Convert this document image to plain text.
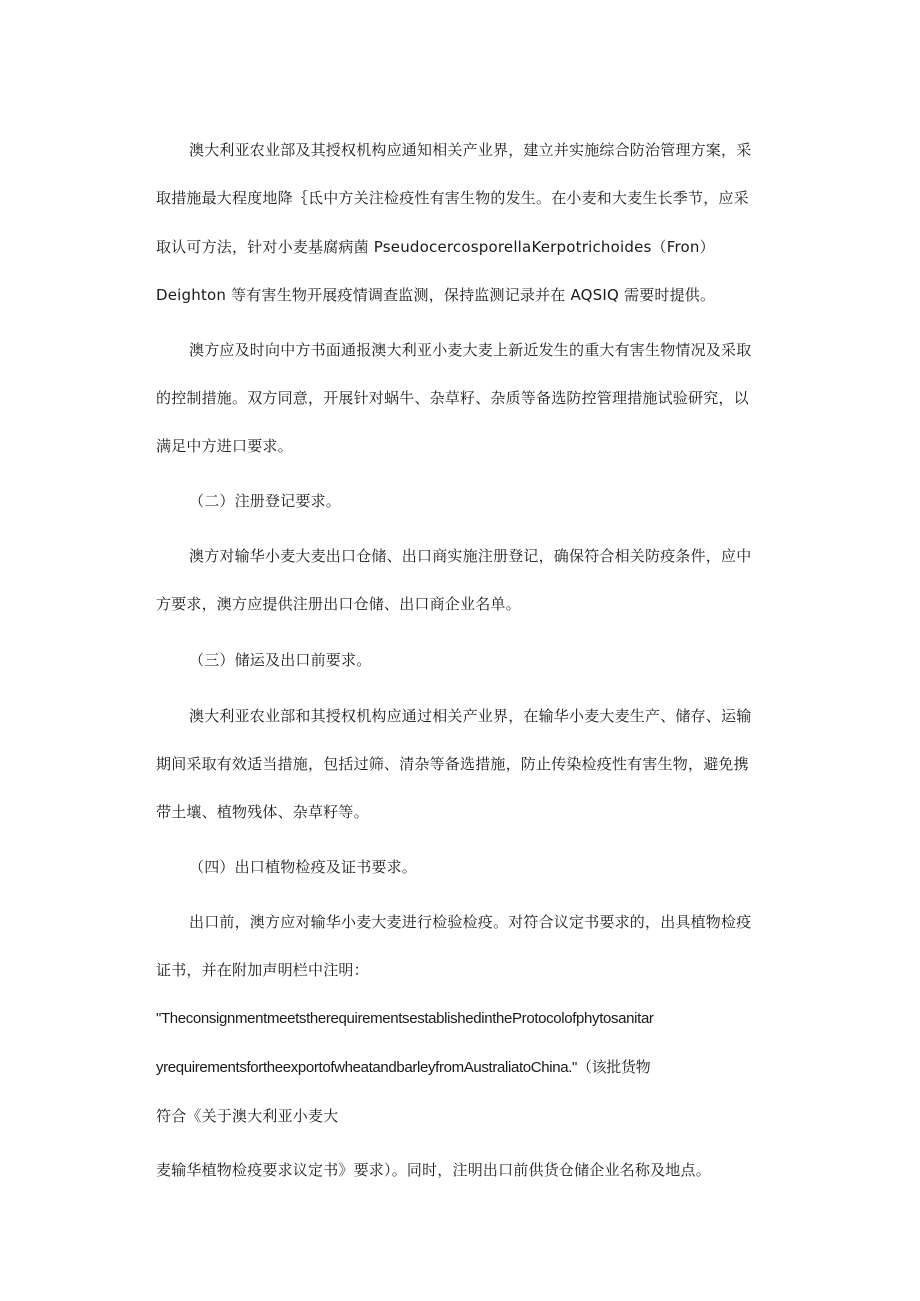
澳大利亚农业部及其授权机构应通知相关产业界，建立并实施综合防治管理方案，采
取措施最大程度地降｛氐中方关注检疫性有害生物的发生。在小麦和大麦生长季节，应采
取认可方法，针对小麦基腐病菌 PseudocercosporellaKerpotrichoides（Fron）
Deighton 等有害生物开展疫情调查监测，保持监测记录并在 AQSIQ 需要时提供。
澳方应及时向中方书面通报澳大利亚小麦大麦上新近发生的重大有害生物情况及采取
的控制措施。双方同意，开展针对蜗牛、杂草籽、杂质等备选防控管理措施试验研究，以
满足中方进口要求。
（二）注册登记要求。
澳方对输华小麦大麦出口仓储、出口商实施注册登记，确保符合相关防疫条件，应中
方要求，澳方应提供注册出口仓储、出口商企业名单。
（三）储运及出口前要求。
澳大利亚农业部和其授权机构应通过相关产业界，在输华小麦大麦生产、储存、运输
期间采取有效适当措施，包括过筛、清杂等备选措施，防止传染检疫性有害生物，避免携
带土壤、植物残体、杂草籽等。
（四）出口植物检疫及证书要求。
出口前，澳方应对输华小麦大麦进行检验检疫。对符合议定书要求的，出具植物检疫
证书，并在附加声明栏中注明：
"TheconsignmentmeetstherequirementsestablishedintheProtocolofphytosanitar
yrequirementsfortheexportofwheatandbarleyfromAustraliatoChina."（该批货物
符合《关于澳大利亚小麦大
麦输华植物检疫要求议定书》要求）。同时，注明出口前供货仓储企业名称及地点。
